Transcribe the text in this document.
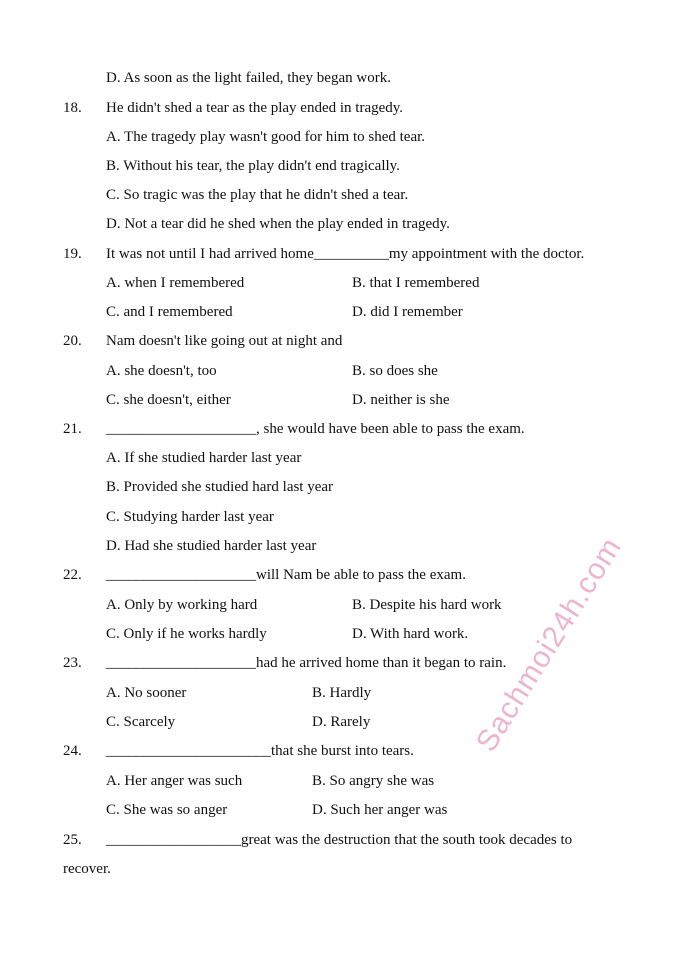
D. As soon as the light failed, they began work.
18. He didn't shed a tear as the play ended in tragedy.
A. The tragedy play wasn't good for him to shed tear.
B. Without his tear, the play didn't end tragically.
C. So tragic was the play that he didn't shed a tear.
D. Not a tear did he shed when the play ended in tragedy.
19. It was not until I had arrived home__________my appointment with the doctor.
A. when I remembered	B. that I remembered
C. and I remembered	D. did I remember
20. Nam doesn't like going out at night and
A. she doesn't, too	B. so does she
C. she doesn't, either	D. neither is she
21. ____________________, she would have been able to pass the exam.
A. If she studied harder last year
B. Provided she studied hard last year
C. Studying harder last year
D. Had she studied harder last year
22. ____________________will Nam be able to pass the exam.
A. Only by working hard	B. Despite his hard work
C. Only if he works hardly	D. With hard work.
23. ____________________had he arrived home than it began to rain.
A. No sooner	B. Hardly
C. Scarcely	D. Rarely
24. ______________________that she burst into tears.
A. Her anger was such	B. So angry she was
C. She was so anger	D. Such her anger was
25. __________________great was the destruction that the south took decades to
recover.
Sachmoi24h.com
